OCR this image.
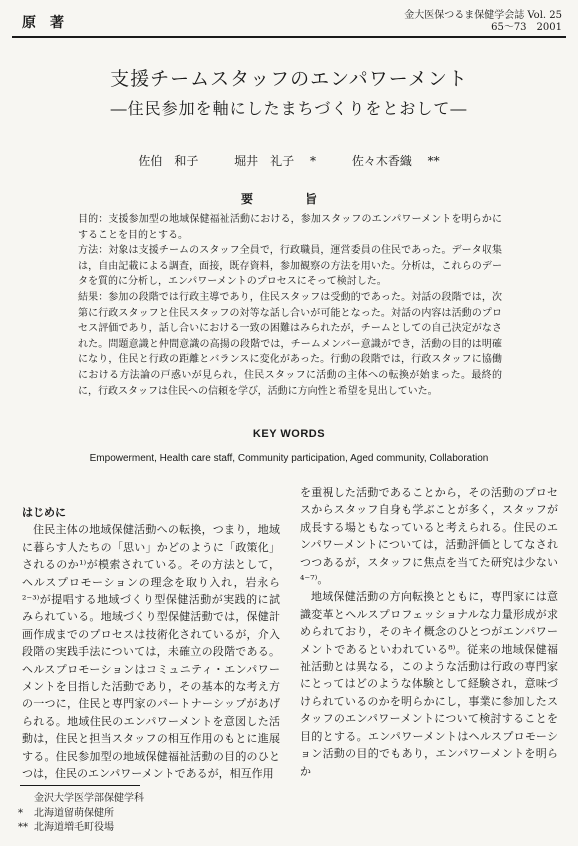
原著	金大医保つるま保健学会誌 Vol. 25
65～73　2001
支援チームスタッフのエンパワーメント
―住民参加を軸にしたまちづくりをとおして―
佐伯　和子	堀井　礼子 *	佐々木香織 **
要　旨

目的：支援参加型の地域保健福祉活動における，参加スタッフのエンパワーメントを明らかにすることを目的とする。

方法：対象は支援チームのスタッフ全員で，行政職員，運営委員の住民であった。データ収集は，自由記載による調査，面接，既存資料，参加観察の方法を用いた。分析は，これらのデータを質的に分析し，エンパワーメントのプロセスにそって検討した。

結果：参加の段階では行政主導であり，住民スタッフは受動的であった。対話の段階では，次第に行政スタッフと住民スタッフの対等な話し合いが可能となった。対話の内容は活動のプロセス評価であり，話し合いにおける一致の困難はみられたが，チームとしての自己決定がなされた。問題意識と仲間意識の高揚の段階では，チームメンバー意識ができ，活動の目的は明確になり，住民と行政の距離とバランスに変化があった。行動の段階では，行政スタッフに協働における方法論の戸惑いが見られ，住民スタッフに活動の主体への転換が始まった。最終的に，行政スタッフは住民への信頼を学び，活動に方向性と希望を見出していた。

KEY WORDS
Empowerment, Health care staff, Community participation, Aged community, Collaboration

はじめに

住民主体の地域保健活動への転換，つまり，地域に暮らす人たちの「思い」かどのように「政策化」されるのか¹⁾が模索されている。その方法として，ヘルスプロモーションの理念を取り入れ，岩永ら²⁻³⁾が提唱する地域づくり型保健活動が実践的に試みられている。地域づくり型保健活動では，保健計画作成までのプロセスは技術化されているが，介入段階の実践手法については，未確立の段階である。ヘルスプロモーションはコミュニティ・エンパワーメントを目指した活動であり，その基本的な考え方の一つに，住民と専門家のパートナーシップがあげられる。地域住民のエンパワーメントを意図した活動は，住民と担当スタッフの相互作用のもとに進展する。住民参加型の地域保健福祉活動の目的のひとつは，住民のエンパワーメントであるが，相互作用

を重視した活動であることから，その活動のプロセスからスタッフ自身も学ぶことが多く，スタッフが成長する場ともなっていると考えられる。住民のエンパワーメントについては，活動評価としてなされつつあるが，スタッフに焦点を当てた研究は少ない⁴⁻⁷⁾。

地域保健活動の方向転換とともに，専門家には意識変革とヘルスプロフェッショナルな力量形成が求められており，そのキイ概念のひとつがエンパワーメントであるといわれている⁸⁾。従来の地域保健福祉活動とは異なる，このような活動は行政の専門家にとってはどのような体験として経験され，意味づけられているのかを明らかにし，事業に参加したスタッフのエンパワーメントについて検討することを目的とする。エンパワーメントはヘルスプロモーション活動の目的でもあり，エンパワーメントを明らか

金沢大学医学部保健学科
*	北海道留萌保健所
** 北海道増毛町役場
